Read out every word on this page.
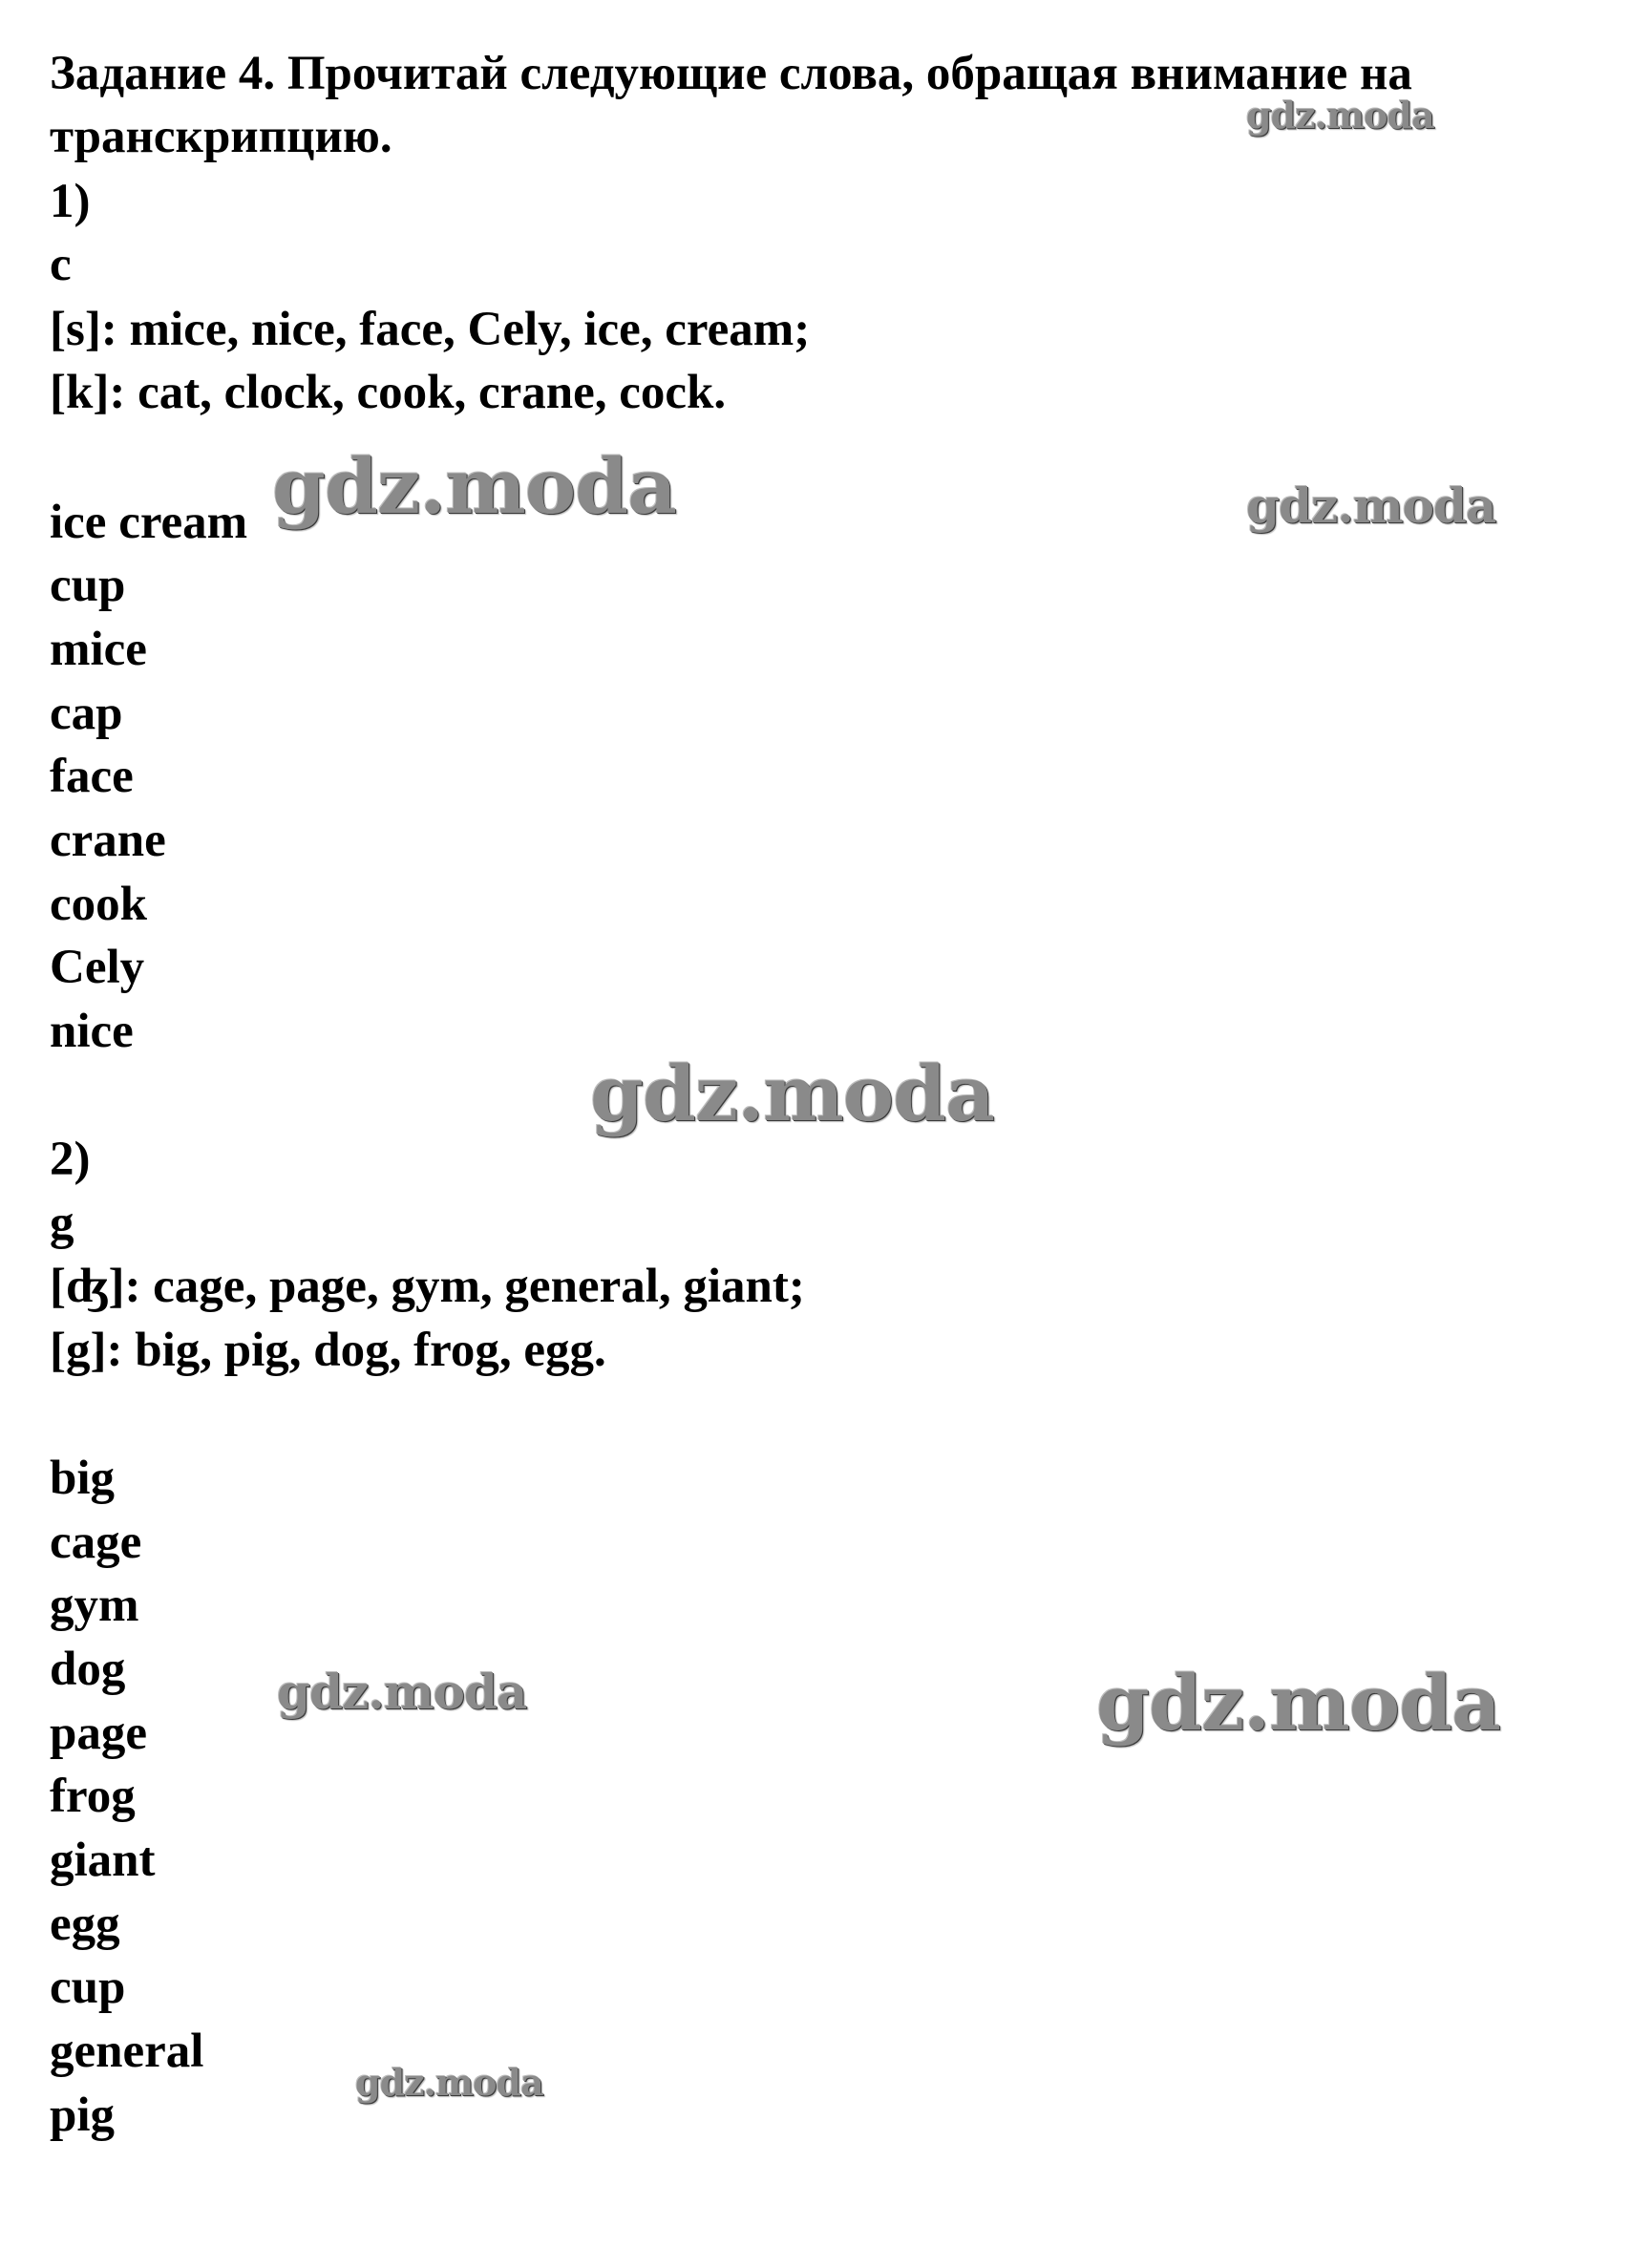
Задание 4. Прочитай следующие слова, обращая внимание на
транскрипцию.
1)
c
[s]: mice, nice, face, Cely, ice, cream;
[k]: cat, clock, cook, crane, cock.
ice cream
cup
mice
cap
face
crane
cook
Cely
nice
2)
g
[ʤ]: cage, page, gym, general, giant;
[g]: big, pig, dog, frog, egg.
big
cage
gym
dog
page
frog
giant
egg
cup
general
pig
gdz.moda
gdz.moda	gdz.moda
gdz.moda
gdz.moda	gdz.moda
gdz.moda
